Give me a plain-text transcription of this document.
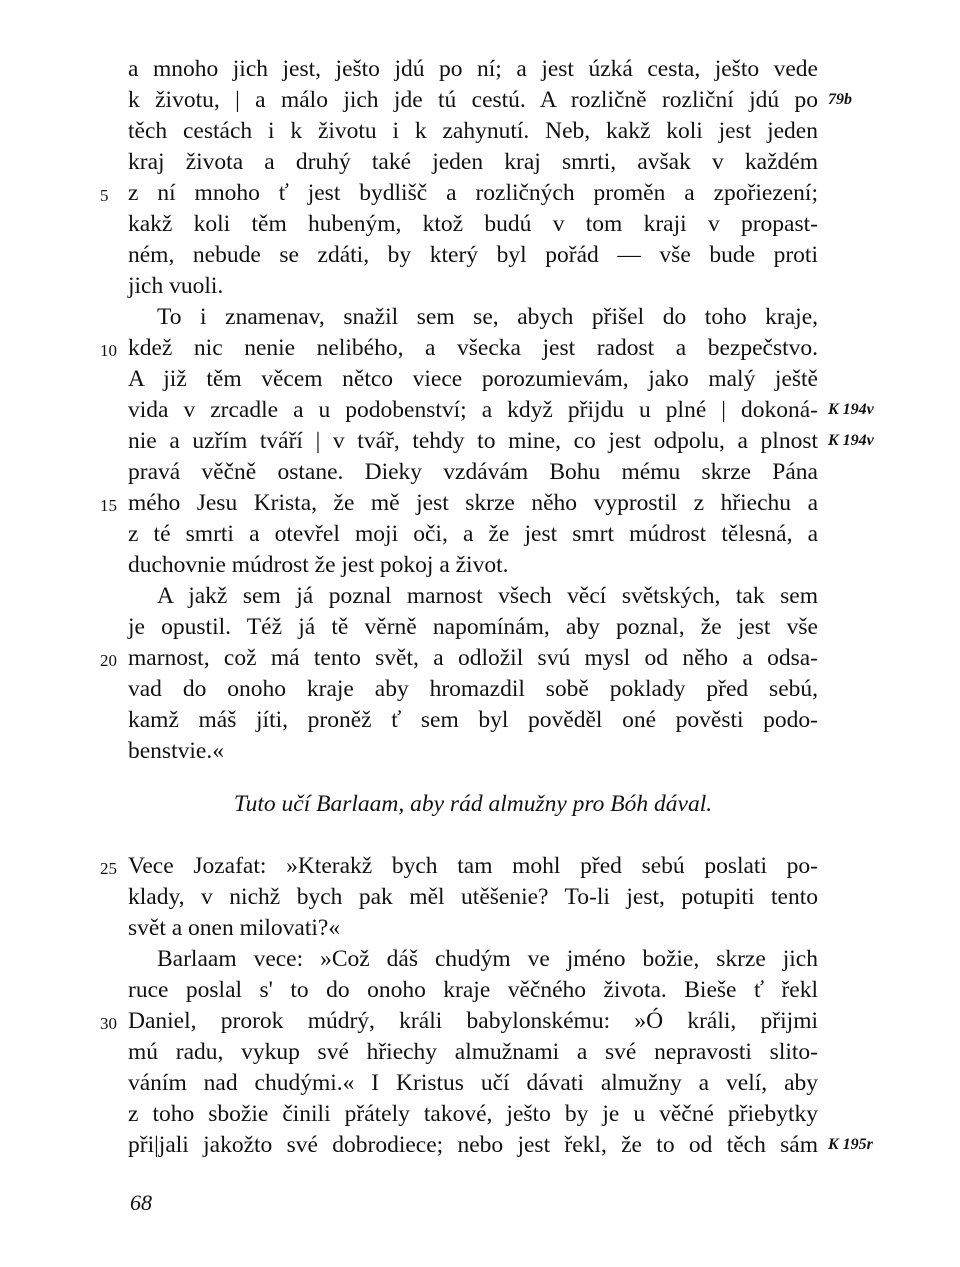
a mnoho jich jest, ješto jdú po ní; a jest úzká cesta, ješto vede
k životu, | a málo jich jde tú cestú. A rozličně rozliční jdú po
těch cestách i k životu i k zahynutí. Neb, kakž koli jest jeden
kraj života a druhý také jeden kraj smrti, avšak v každém
z ní mnoho ť jest bydlišč a rozličných proměn a zpořiezení;
kakž koli těm hubeným, ktož budú v tom kraji v propast-
ném, nebude se zdáti, by který byl pořád — vše bude proti
jich vuoli.
To i znamenav, snažil sem se, abych přišel do toho kraje,
kdež nic nenie nelibého, a všecka jest radost a bezpečstvo.
A již těm věcem nětco viece porozumievám, jako malý ještě
vida v zrcadle a u podobenství; a když přijdu u plné | dokoná-
nie a uzřím tváří | v tvář, tehdy to mine, co jest odpolu, a plnost
pravá věčně ostane. Dieky vzdávám Bohu mému skrze Pána
mého Jesu Krista, že mě jest skrze něho vyprostil z hřiechu a
z té smrti a otevřel moji oči, a že jest smrt múdrost tělesná, a
duchovnie múdrost že jest pokoj a život.
A jakž sem já poznal marnost všech věcí světských, tak sem
je opustil. Též já tě věrně napomínám, aby poznal, že jest vše
marnost, což má tento svět, a odložil svú mysl od něho a odsa-
vad do onoho kraje aby hromazdil sobě poklady před sebú,
kamž máš jíti, proněž ť sem byl pověděl oné pověsti podo-
benstvie.«
Tuto učí Barlaam, aby rád almužny pro Bóh dával.
Vece Jozafat: »Kterakž bych tam mohl před sebú poslati po-
klady, v nichž bych pak měl utěšenie? To-li jest, potupiti tento
svět a onen milovati?«
Barlaam vece: »Což dáš chudým ve jméno božie, skrze jich
ruce poslal s' to do onoho kraje věčného života. Bieše ť řekl
Daniel, prorok múdrý, králi babylonskému: »Ó králi, přijmi
mú radu, vykup své hřiechy almužnami a své nepravosti slito-
váním nad chudými.« I Kristus učí dávati almužny a velí, aby
z toho sbožie činili přátely takové, ješto by je u věčné přiebytky
při|jali jakožto své dobrodiece; nebo jest řekl, že to od těch sám
5
10
15
20
25
30
79b
K 194v
K 194v
K 195r
68
